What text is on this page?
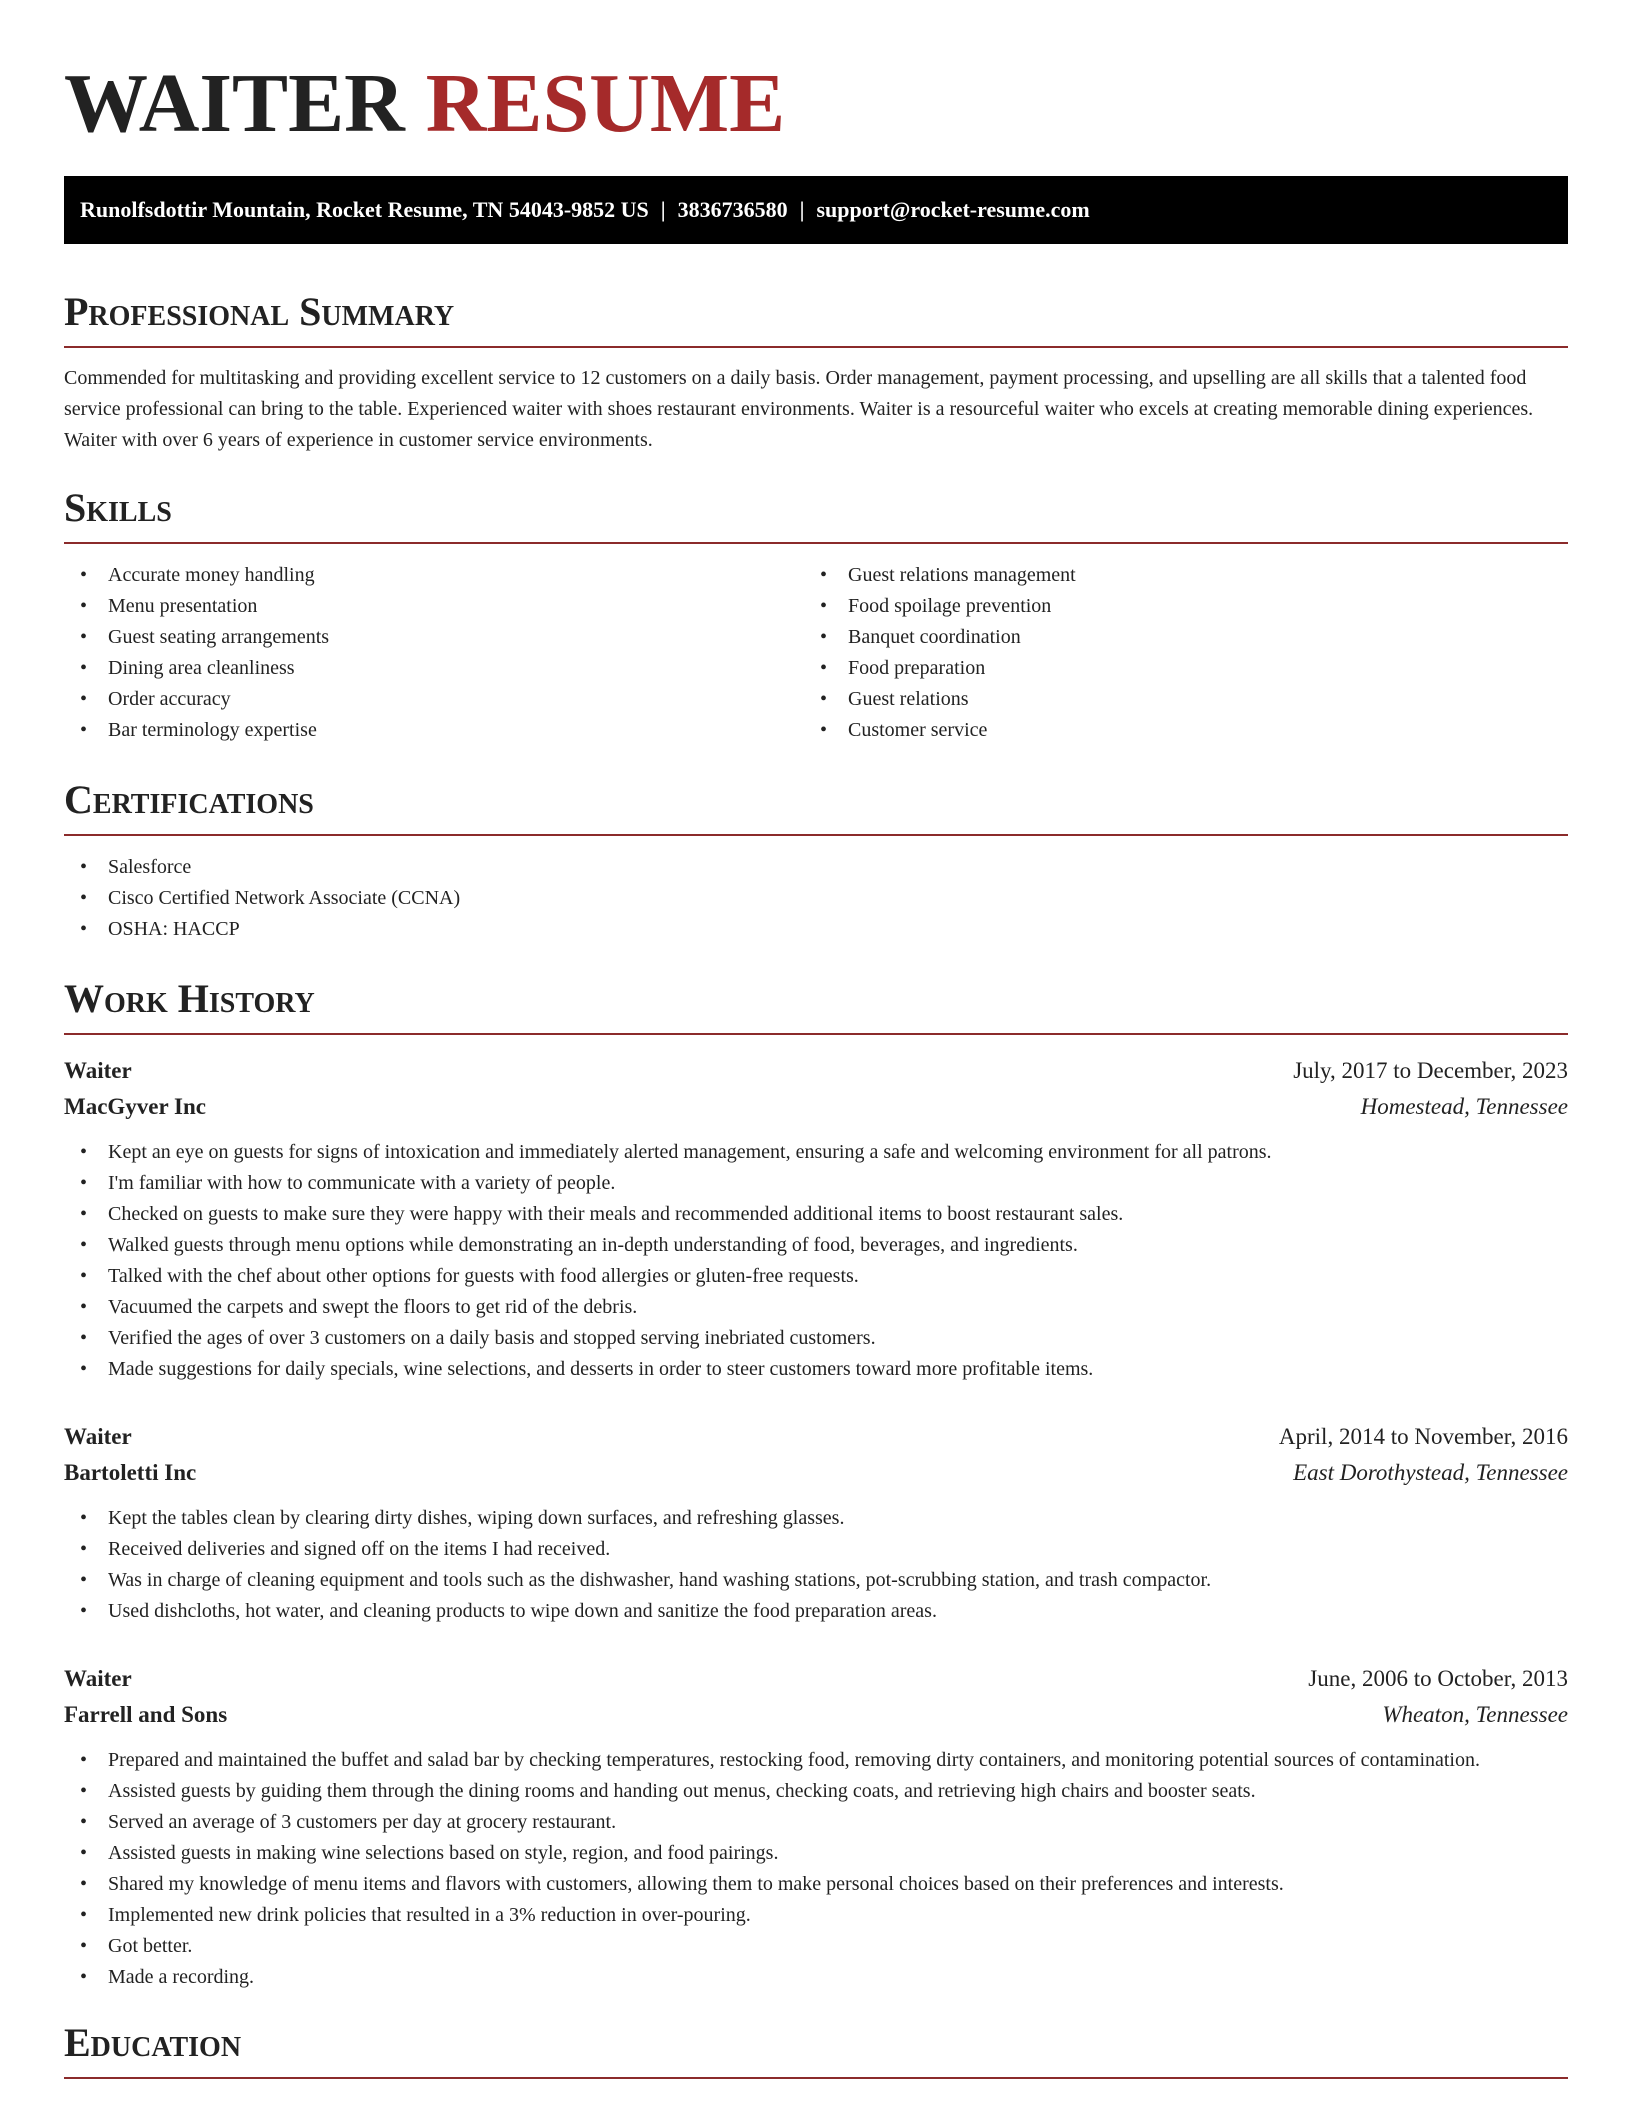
WAITER RESUME
Runolfsdottir Mountain, Rocket Resume, TN 54043-9852 US | 3836736580 | support@rocket-resume.com
Professional Summary

Commended for multitasking and providing excellent service to 12 customers on a daily basis. Order management, payment processing, and upselling are all skills that a talented food service professional can bring to the table. Experienced waiter with shoes restaurant environments. Waiter is a resourceful waiter who excels at creating memorable dining experiences. Waiter with over 6 years of experience in customer service environments.

Skills
• Accurate money handling
• Menu presentation
• Guest seating arrangements
• Dining area cleanliness
• Order accuracy
• Bar terminology expertise
• Guest relations management
• Food spoilage prevention
• Banquet coordination
• Food preparation
• Guest relations
• Customer service
Certifications
• Salesforce
• Cisco Certified Network Associate (CCNA)
• OSHA: HACCP
Work History
Waiter	July, 2017 to December, 2023
MacGyver Inc	Homestead, Tennessee
• Kept an eye on guests for signs of intoxication and immediately alerted management, ensuring a safe and welcoming environment for all patrons.
• I'm familiar with how to communicate with a variety of people.
• Checked on guests to make sure they were happy with their meals and recommended additional items to boost restaurant sales.
• Walked guests through menu options while demonstrating an in-depth understanding of food, beverages, and ingredients.
• Talked with the chef about other options for guests with food allergies or gluten-free requests.
• Vacuumed the carpets and swept the floors to get rid of the debris.
• Verified the ages of over 3 customers on a daily basis and stopped serving inebriated customers.
• Made suggestions for daily specials, wine selections, and desserts in order to steer customers toward more profitable items.
Waiter	April, 2014 to November, 2016
Bartoletti Inc	East Dorothystead, Tennessee
• Kept the tables clean by clearing dirty dishes, wiping down surfaces, and refreshing glasses.
• Received deliveries and signed off on the items I had received.
• Was in charge of cleaning equipment and tools such as the dishwasher, hand washing stations, pot-scrubbing station, and trash compactor.
• Used dishcloths, hot water, and cleaning products to wipe down and sanitize the food preparation areas.
Waiter	June, 2006 to October, 2013
Farrell and Sons	Wheaton, Tennessee
• Prepared and maintained the buffet and salad bar by checking temperatures, restocking food, removing dirty containers, and monitoring potential sources of contamination.
• Assisted guests by guiding them through the dining rooms and handing out menus, checking coats, and retrieving high chairs and booster seats.
• Served an average of 3 customers per day at grocery restaurant.
• Assisted guests in making wine selections based on style, region, and food pairings.
• Shared my knowledge of menu items and flavors with customers, allowing them to make personal choices based on their preferences and interests.
• Implemented new drink policies that resulted in a 3% reduction in over-pouring.
• Got better.
• Made a recording.
Education
